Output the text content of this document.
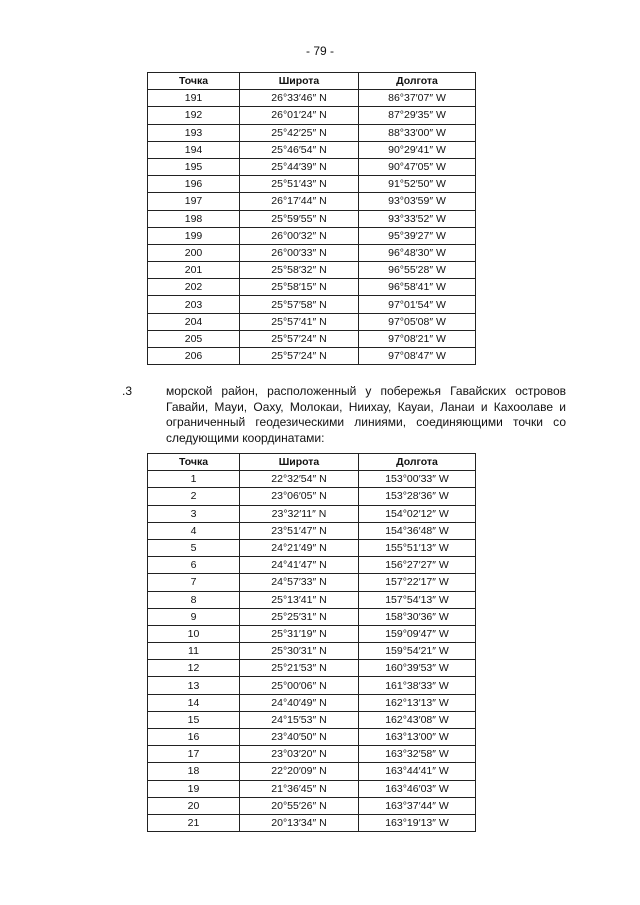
- 79 -
Точка	Широта	Долгота
191	26°33′46″ N	86°37′07″ W
192	26°01′24″ N	87°29′35″ W
193	25°42′25″ N	88°33′00″ W
194	25°46′54″ N	90°29′41″ W
195	25°44′39″ N	90°47′05″ W
196	25°51′43″ N	91°52′50″ W
197	26°17′44″ N	93°03′59″ W
198	25°59′55″ N	93°33′52″ W
199	26°00′32″ N	95°39′27″ W
200	26°00′33″ N	96°48′30″ W
201	25°58′32″ N	96°55′28″ W
202	25°58′15″ N	96°58′41″ W
203	25°57′58″ N	97°01′54″ W
204	25°57′41″ N	97°05′08″ W
205	25°57′24″ N	97°08′21″ W
206	25°57′24″ N	97°08′47″ W
.3	морской район, расположенный у побережья Гавайских островов Гавайи, Мауи, Оаху, Молокаи, Ниихау, Кауаи, Ланаи и Кахоолаве и ограниченный геодезическими линиями, соединяющими точки со следующими координатами:
Точка	Широта	Долгота
1	22°32′54″ N	153°00′33″ W
2	23°06′05″ N	153°28′36″ W
3	23°32′11″ N	154°02′12″ W
4	23°51′47″ N	154°36′48″ W
5	24°21′49″ N	155°51′13″ W
6	24°41′47″ N	156°27′27″ W
7	24°57′33″ N	157°22′17″ W
8	25°13′41″ N	157°54′13″ W
9	25°25′31″ N	158°30′36″ W
10	25°31′19″ N	159°09′47″ W
11	25°30′31″ N	159°54′21″ W
12	25°21′53″ N	160°39′53″ W
13	25°00′06″ N	161°38′33″ W
14	24°40′49″ N	162°13′13″ W
15	24°15′53″ N	162°43′08″ W
16	23°40′50″ N	163°13′00″ W
17	23°03′20″ N	163°32′58″ W
18	22°20′09″ N	163°44′41″ W
19	21°36′45″ N	163°46′03″ W
20	20°55′26″ N	163°37′44″ W
21	20°13′34″ N	163°19′13″ W
